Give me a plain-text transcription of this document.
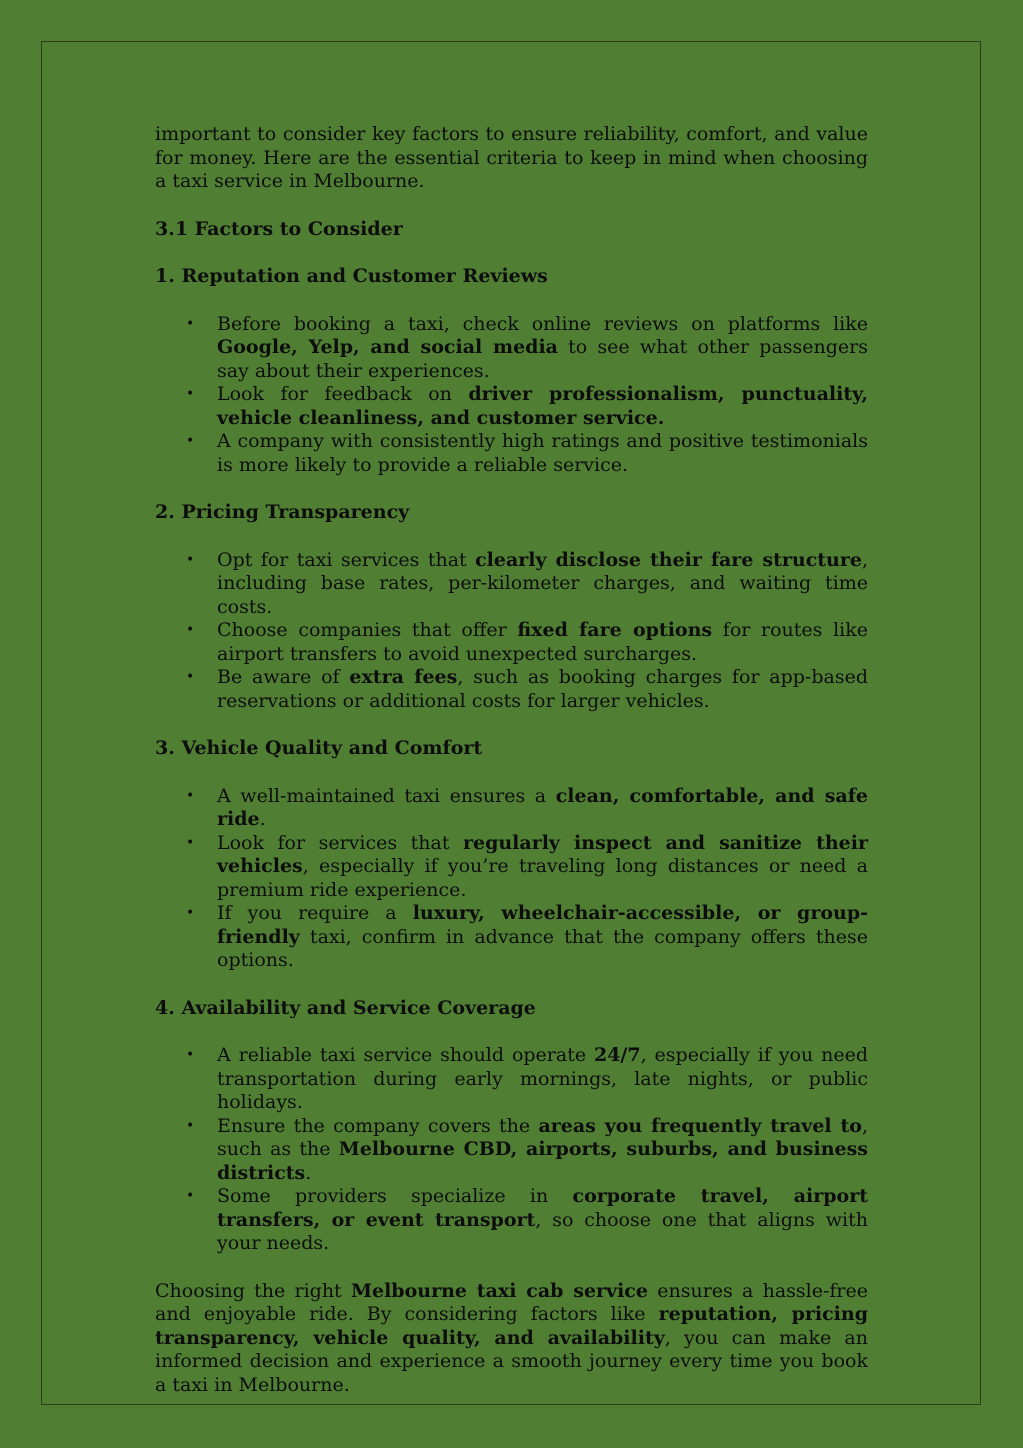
important to consider key factors to ensure reliability, comfort, and value for money. Here are the essential criteria to keep in mind when choosing a taxi service in Melbourne.

3.1 Factors to Consider
1. Reputation and Customer Reviews
• Before booking a taxi, check online reviews on platforms like Google, Yelp, and social media to see what other passengers say about their experiences.
• Look for feedback on driver professionalism, punctuality, vehicle cleanliness, and customer service.
• A company with consistently high ratings and positive testimonials is more likely to provide a reliable service.
2. Pricing Transparency
• Opt for taxi services that clearly disclose their fare structure, including base rates, per-kilometer charges, and waiting time costs.
• Choose companies that offer fixed fare options for routes like airport transfers to avoid unexpected surcharges.
• Be aware of extra fees, such as booking charges for app-based reservations or additional costs for larger vehicles.
3. Vehicle Quality and Comfort
• A well-maintained taxi ensures a clean, comfortable, and safe ride.
• Look for services that regularly inspect and sanitize their vehicles, especially if you’re traveling long distances or need a premium ride experience.
• If you require a luxury, wheelchair-accessible, or group-friendly taxi, confirm in advance that the company offers these options.
4. Availability and Service Coverage
• A reliable taxi service should operate 24/7, especially if you need transportation during early mornings, late nights, or public holidays.
• Ensure the company covers the areas you frequently travel to, such as the Melbourne CBD, airports, suburbs, and business districts.
• Some providers specialize in corporate travel, airport transfers, or event transport, so choose one that aligns with your needs.

Choosing the right Melbourne taxi cab service ensures a hassle-free and enjoyable ride. By considering factors like reputation, pricing transparency, vehicle quality, and availability, you can make an informed decision and experience a smooth journey every time you book a taxi in Melbourne.
